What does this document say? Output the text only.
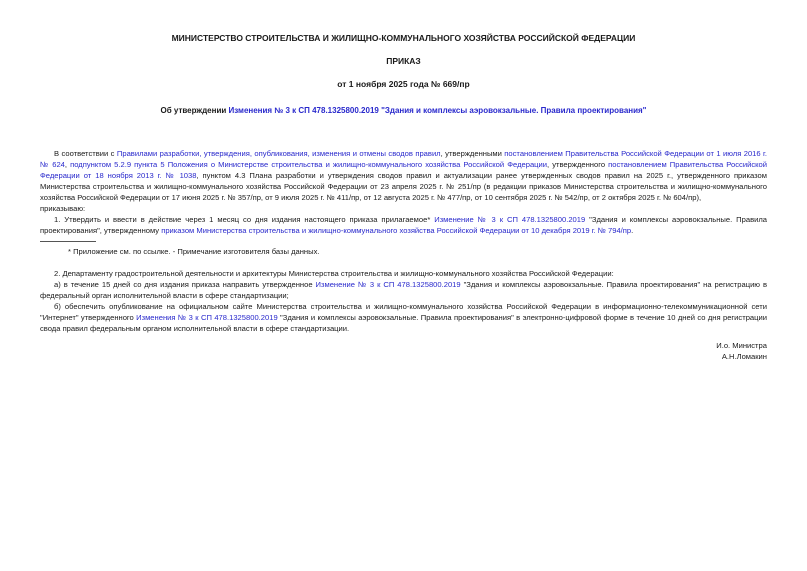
МИНИСТЕРСТВО СТРОИТЕЛЬСТВА И ЖИЛИЩНО-КОММУНАЛЬНОГО ХОЗЯЙСТВА РОССИЙСКОЙ ФЕДЕРАЦИИ

ПРИКАЗ

от 1 ноября 2025 года № 669/пр

Об утверждении Изменения № 3 к СП 478.1325800.2019 "Здания и комплексы аэровокзальные. Правила проектирования"

В соответствии с Правилами разработки, утверждения, опубликования, изменения и отмены сводов правил, утвержденными постановлением Правительства Российской Федерации от 1 июля 2016 г. № 624, подпунктом 5.2.9 пункта 5 Положения о Министерстве строительства и жилищно-коммунального хозяйства Российской Федерации, утвержденного постановлением Правительства Российской Федерации от 18 ноября 2013 г. № 1038, пунктом 4.3 Плана разработки и утверждения сводов правил и актуализации ранее утвержденных сводов правил на 2025 г., утвержденного приказом Министерства строительства и жилищно-коммунального хозяйства Российской Федерации от 23 апреля 2025 г. № 251/пр (в редакции приказов Министерства строительства и жилищно-коммунального хозяйства Российской Федерации от 17 июня 2025 г. № 357/пр, от 9 июля 2025 г. № 411/пр, от 12 августа 2025 г. № 477/пр, от 10 сентября 2025 г. № 542/пр, от 2 октября 2025 г. № 604/пр),

приказываю:

1. Утвердить и ввести в действие через 1 месяц со дня издания настоящего приказа прилагаемое* Изменение № 3 к СП 478.1325800.2019 "Здания и комплексы аэровокзальные. Правила проектирования", утвержденному приказом Министерства строительства и жилищно-коммунального хозяйства Российской Федерации от 10 декабря 2019 г. № 794/пр.

* Приложение см. по ссылке. - Примечание изготовителя базы данных.

2. Департаменту градостроительной деятельности и архитектуры Министерства строительства и жилищно-коммунального хозяйства Российской Федерации:

а) в течение 15 дней со дня издания приказа направить утвержденное Изменение № 3 к СП 478.1325800.2019 "Здания и комплексы аэровокзальные. Правила проектирования" на регистрацию в федеральный орган исполнительной власти в сфере стандартизации;

б) обеспечить опубликование на официальном сайте Министерства строительства и жилищно-коммунального хозяйства Российской Федерации в информационно-телекоммуникационной сети "Интернет" утвержденного Изменения № 3 к СП 478.1325800.2019 "Здания и комплексы аэровокзальные. Правила проектирования" в электронно-цифровой форме в течение 10 дней со дня регистрации свода правил федеральным органом исполнительной власти в сфере стандартизации.

И.о. Министра
А.Н.Ломакин
